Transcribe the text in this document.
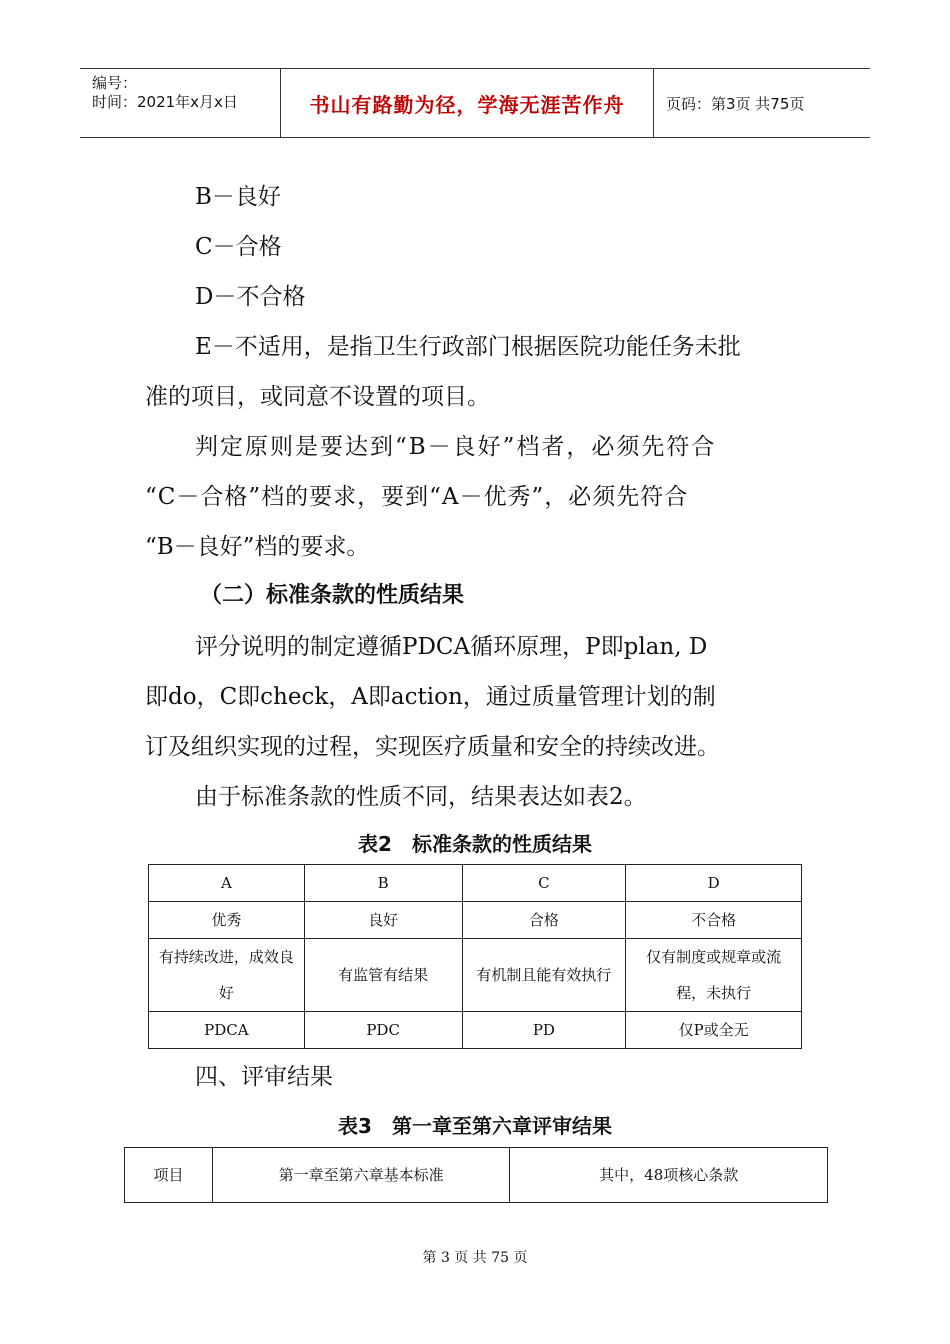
编号：
时间：2021年x月x日	书山有路勤为径，学海无涯苦作舟	页码：第3页 共75页
B－良好
C－合格
D－不合格
E－不适用，是指卫生行政部门根据医院功能任务未批
准的项目，或同意不设置的项目。
判定原则是要达到“B－良好”档者，必须先符合
“C－合格”档的要求，要到“A－优秀”，必须先符合
“B－良好”档的要求。
（二）标准条款的性质结果
评分说明的制定遵循PDCA循环原理，P即plan, D
即do，C即check，A即action，通过质量管理计划的制
订及组织实现的过程，实现医疗质量和安全的持续改进。
由于标准条款的性质不同，结果表达如表2。
表2　标准条款的性质结果
A	B	C	D
优秀	良好	合格	不合格
有持续改进，成效良好	有监管有结果	有机制且能有效执行	仅有制度或规章或流程，未执行
PDCA	PDC	PD	仅P或全无
四、评审结果
表3　第一章至第六章评审结果
项目	第一章至第六章基本标准	其中，48项核心条款
第 3 页 共 75 页
